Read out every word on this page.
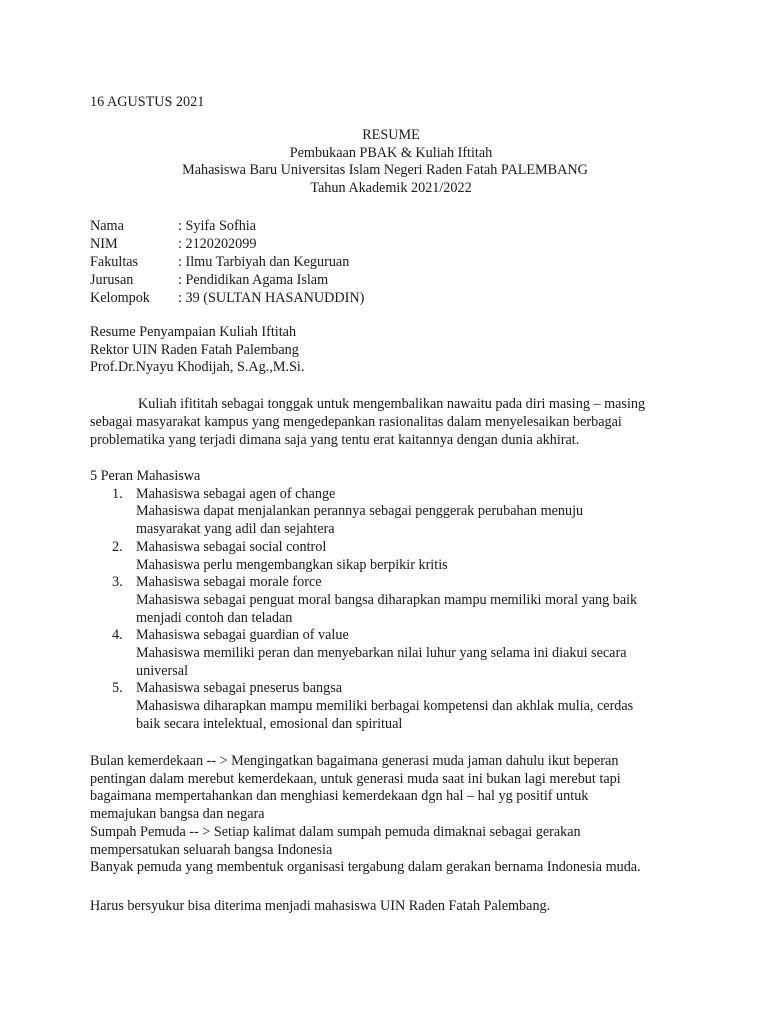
16 AGUSTUS 2021
RESUME
Pembukaan PBAK & Kuliah Iftitah
Mahasiswa Baru Universitas Islam Negeri Raden Fatah PALEMBANG
Tahun Akademik 2021/2022
Nama	: Syifa Sofhia
NIM	: 2120202099
Fakultas	: Ilmu Tarbiyah dan Keguruan
Jurusan	: Pendidikan Agama Islam
Kelompok : 39 (SULTAN HASANUDDIN)
Resume Penyampaian Kuliah Iftitah
Rektor UIN Raden Fatah Palembang
Prof.Dr.Nyayu Khodijah, S.Ag.,M.Si.
Kuliah ifititah sebagai tonggak untuk mengembalikan nawaitu pada diri masing – masing
sebagai masyarakat kampus yang mengedepankan rasionalitas dalam menyelesaikan berbagai
problematika yang terjadi dimana saja yang tentu erat kaitannya dengan dunia akhirat.
5 Peran Mahasiswa
1. Mahasiswa sebagai agen of change
Mahasiswa dapat menjalankan perannya sebagai penggerak perubahan menuju
masyarakat yang adil dan sejahtera
2. Mahasiswa sebagai social control
Mahasiswa perlu mengembangkan sikap berpikir kritis
3. Mahasiswa sebagai morale force
Mahasiswa sebagai penguat moral bangsa diharapkan mampu memiliki moral yang baik
menjadi contoh dan teladan
4. Mahasiswa sebagai guardian of value
Mahasiswa memiliki peran dan menyebarkan nilai luhur yang selama ini diakui secara
universal
5. Mahasiswa sebagai pneserus bangsa
Mahasiswa diharapkan mampu memiliki berbagai kompetensi dan akhlak mulia, cerdas
baik secara intelektual, emosional dan spiritual
Bulan kemerdekaan -- > Mengingatkan bagaimana generasi muda jaman dahulu ikut beperan
pentingan dalam merebut kemerdekaan, untuk generasi muda saat ini bukan lagi merebut tapi
bagaimana mempertahankan dan menghiasi kemerdekaan dgn hal – hal yg positif untuk
memajukan bangsa dan negara
Sumpah Pemuda -- > Setiap kalimat dalam sumpah pemuda dimaknai sebagai gerakan
mempersatukan seluarah bangsa Indonesia
Banyak pemuda yang membentuk organisasi tergabung dalam gerakan bernama Indonesia muda.
Harus bersyukur bisa diterima menjadi mahasiswa UIN Raden Fatah Palembang.
